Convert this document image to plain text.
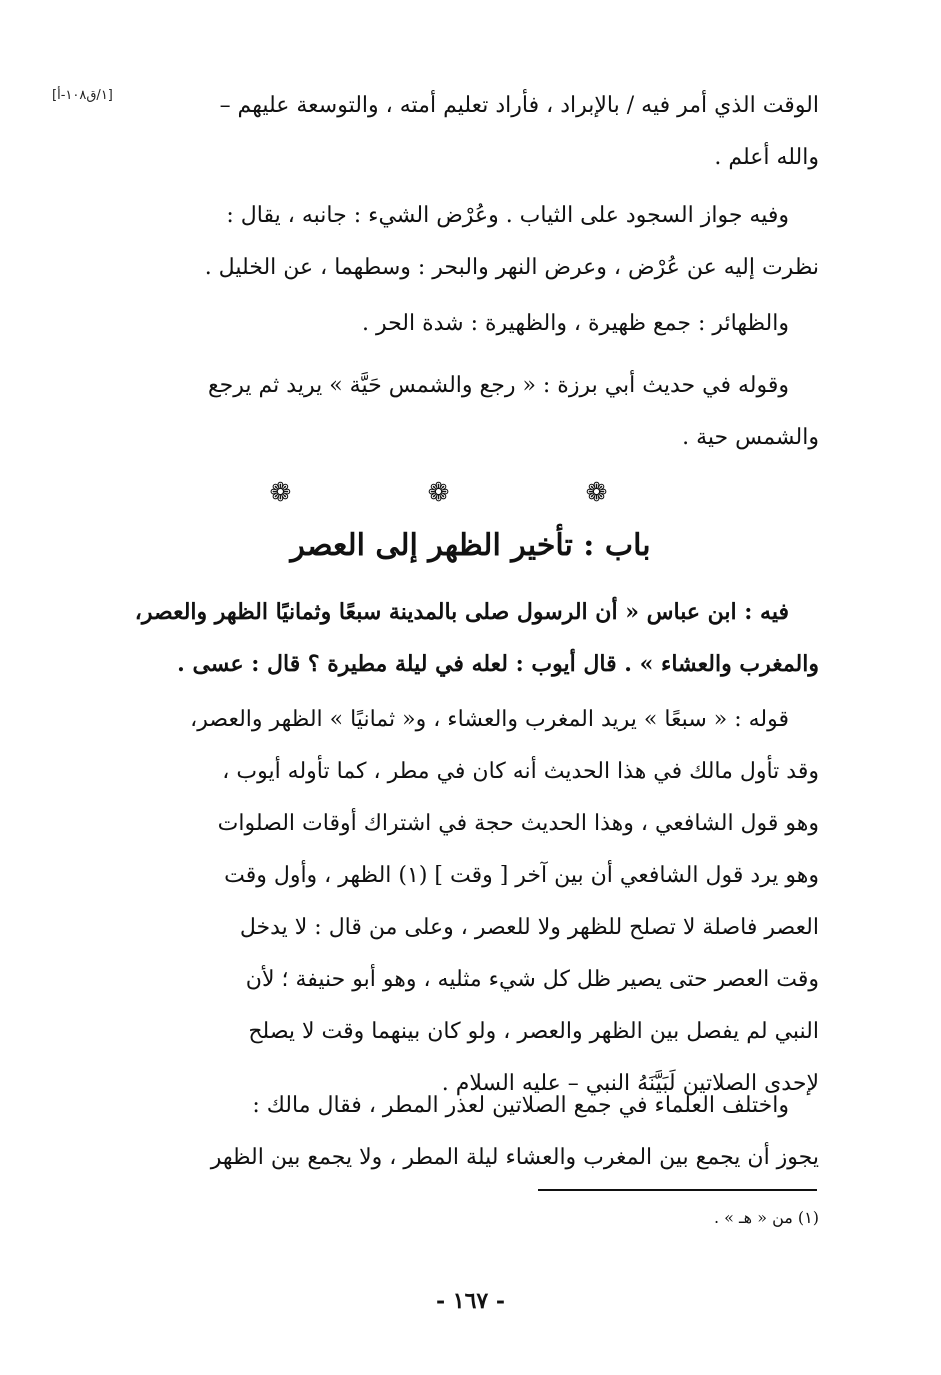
[١/ق١٠٨-أ]	الوقت الذي أمر فيه / بالإبراد ، فأراد تعليم أمته ، والتوسعة عليهم –

والله أعلم .

وفيه جواز السجود على الثياب . وعُرْض الشيء : جانبه ، يقال :

نظرت إليه عن عُرْض ، وعرض النهر والبحر : وسطهما ، عن الخليل .

والظهائر : جمع ظهيرة ، والظهيرة : شدة الحر .

وقوله في حديث أبي برزة : « رجع والشمس حَيَّة » يريد ثم يرجع

والشمس حية .

❁ ❁ ❁
باب : تأخير الظهر إلى العصر

فيه : ابن عباس « أن الرسول صلى بالمدينة سبعًا وثمانيًا الظهر والعصر،

والمغرب والعشاء » . قال أيوب : لعله في ليلة مطيرة ؟ قال : عسى .

قوله : « سبعًا » يريد المغرب والعشاء ، و« ثمانيًا » الظهر والعصر،

وقد تأول مالك في هذا الحديث أنه كان في مطر ، كما تأوله أيوب ،

وهو قول الشافعي ، وهذا الحديث حجة في اشتراك أوقات الصلوات

وهو يرد قول الشافعي أن بين آخر [ وقت ] (١) الظهر ، وأول وقت

العصر فاصلة لا تصلح للظهر ولا للعصر ، وعلى من قال : لا يدخل

وقت العصر حتى يصير ظل كل شيء مثليه ، وهو أبو حنيفة ؛ لأن

النبي لم يفصل بين الظهر والعصر ، ولو كان بينهما وقت لا يصلح

لإحدى الصلاتين لَبَيَّنَهُ النبي – عليه السلام .

واختلف العلماء في جمع الصلاتين لعذر المطر ، فقال مالك :

يجوز أن يجمع بين المغرب والعشاء ليلة المطر ، ولا يجمع بين الظهر

(١) من « هـ » .
- ١٦٧ -
